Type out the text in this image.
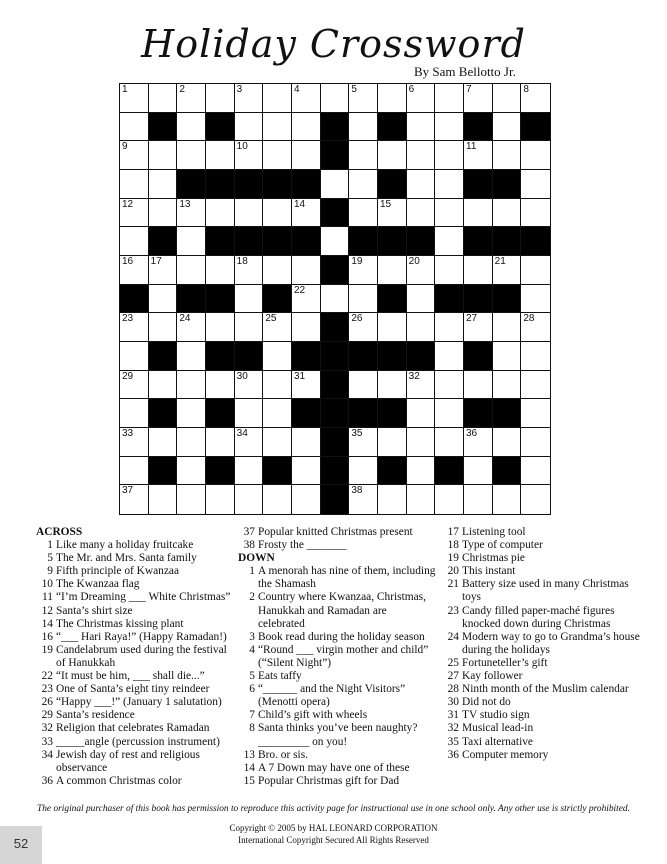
Holiday Crossword
By Sam Bellotto Jr.
1	2	3	4	5	6	7	8
9	10	11
12	13	14	15
16 17	18	19	20	21
22
23	24	25	26	27	28
29	30	31	32
33	34	35	36
37	38
ACROSS
1 Like many a holiday fruitcake
5 The Mr. and Mrs. Santa family
9 Fifth principle of Kwanzaa
10 The Kwanzaa flag
11 “I’m Dreaming ___ White Christmas”
12 Santa’s shirt size
14 The Christmas kissing plant
16 “___ Hari Raya!” (Happy Ramadan!)
19 Candelabrum used during the festival of Hanukkah
22 “It must be him, ___ shall die...”
23 One of Santa’s eight tiny reindeer
26 “Happy ___!” (January 1 salutation)
29 Santa’s residence
32 Religion that celebrates Ramadan
33 _____angle (percussion instrument)
34 Jewish day of rest and religious observance
36 A common Christmas color
37 Popular knitted Christmas present
38 Frosty the _______
DOWN
1 A menorah has nine of them, including the Shamash
2 Country where Kwanzaa, Christmas, Hanukkah and Ramadan are celebrated
3 Book read during the holiday season
4 “Round ___ virgin mother and child” (“Silent Night”)
5 Eats taffy
6 “______ and the Night Visitors” (Menotti opera)
7 Child’s gift with wheels
8 Santa thinks you’ve been naughty? _________ on you!
13 Bro. or sis.
14 A 7 Down may have one of these
15 Popular Christmas gift for Dad
17 Listening tool
18 Type of computer
19 Christmas pie
20 This instant
21 Battery size used in many Christmas toys
23 Candy filled paper-maché figures knocked down during Christmas
24 Modern way to go to Grandma’s house during the holidays
25 Fortuneteller’s gift
27 Kay follower
28 Ninth month of the Muslim calendar
30 Did not do
31 TV studio sign
32 Musical lead-in
35 Taxi alternative
36 Computer memory
The original purchaser of this book has permission to reproduce this activity page for instructional use in one school only. Any other use is strictly prohibited.
Copyright © 2005 by HAL LEONARD CORPORATION
International Copyright Secured All Rights Reserved
52
